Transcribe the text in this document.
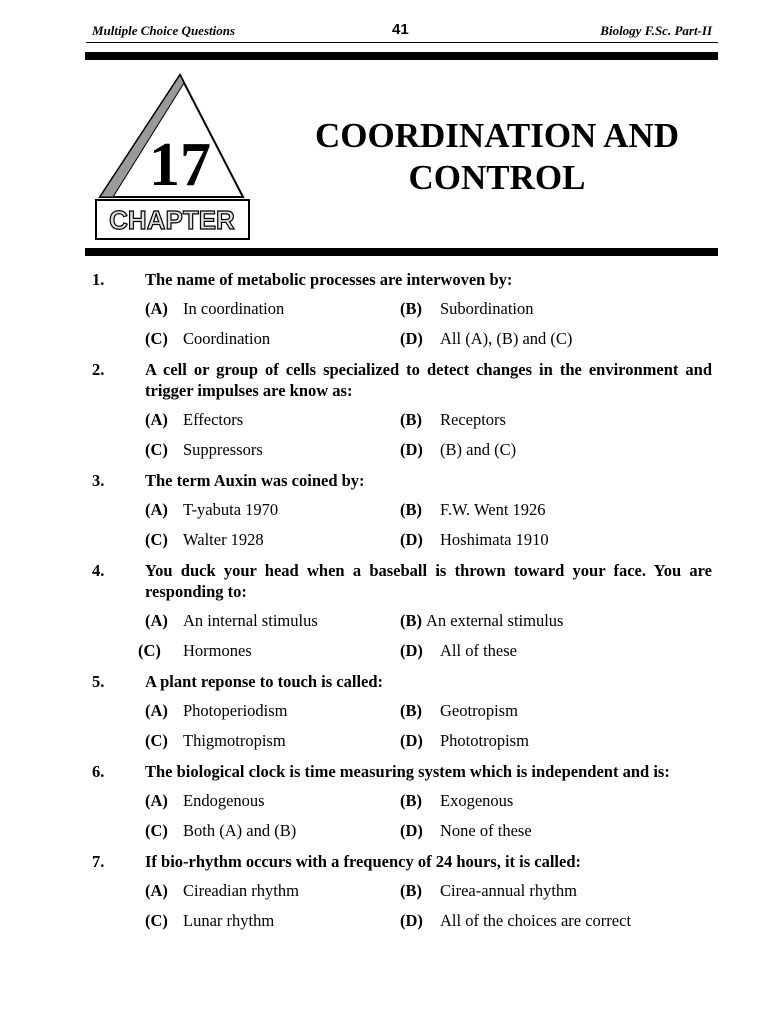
Multiple Choice Questions	41	Biology F.Sc. Part-II
17
CHAPTER
COORDINATION AND CONTROL
1.	The name of metabolic processes are interwoven by:
(A) In coordination	(B)	Subordination
(C) Coordination	(D)	All (A), (B) and (C)
2.	A cell or group of cells specialized to detect changes in the environment and trigger impulses are know as:
(A) Effectors	(B)	Receptors
(C) Suppressors	(D)	(B) and (C)
3.	The term Auxin was coined by:
(A) T-yabuta 1970	(B)	F.W. Went 1926
(C) Walter 1928	(D)	Hoshimata 1910
4.	You duck your head when a baseball is thrown toward your face. You are responding to:
(A) An internal stimulus	(B) An external stimulus
(C)	Hormones	(D)	All of these
5.	A plant reponse to touch is called:
(A) Photoperiodism	(B)	Geotropism
(C) Thigmotropism	(D)	Phototropism
6.	The biological clock is time measuring system which is independent and is:
(A) Endogenous	(B)	Exogenous
(C) Both (A) and (B)	(D)	None of these
7.	If bio-rhythm occurs with a frequency of 24 hours, it is called:
(A) Cireadian rhythm	(B)	Cirea-annual rhythm
(C) Lunar rhythm	(D)	All of the choices are correct
